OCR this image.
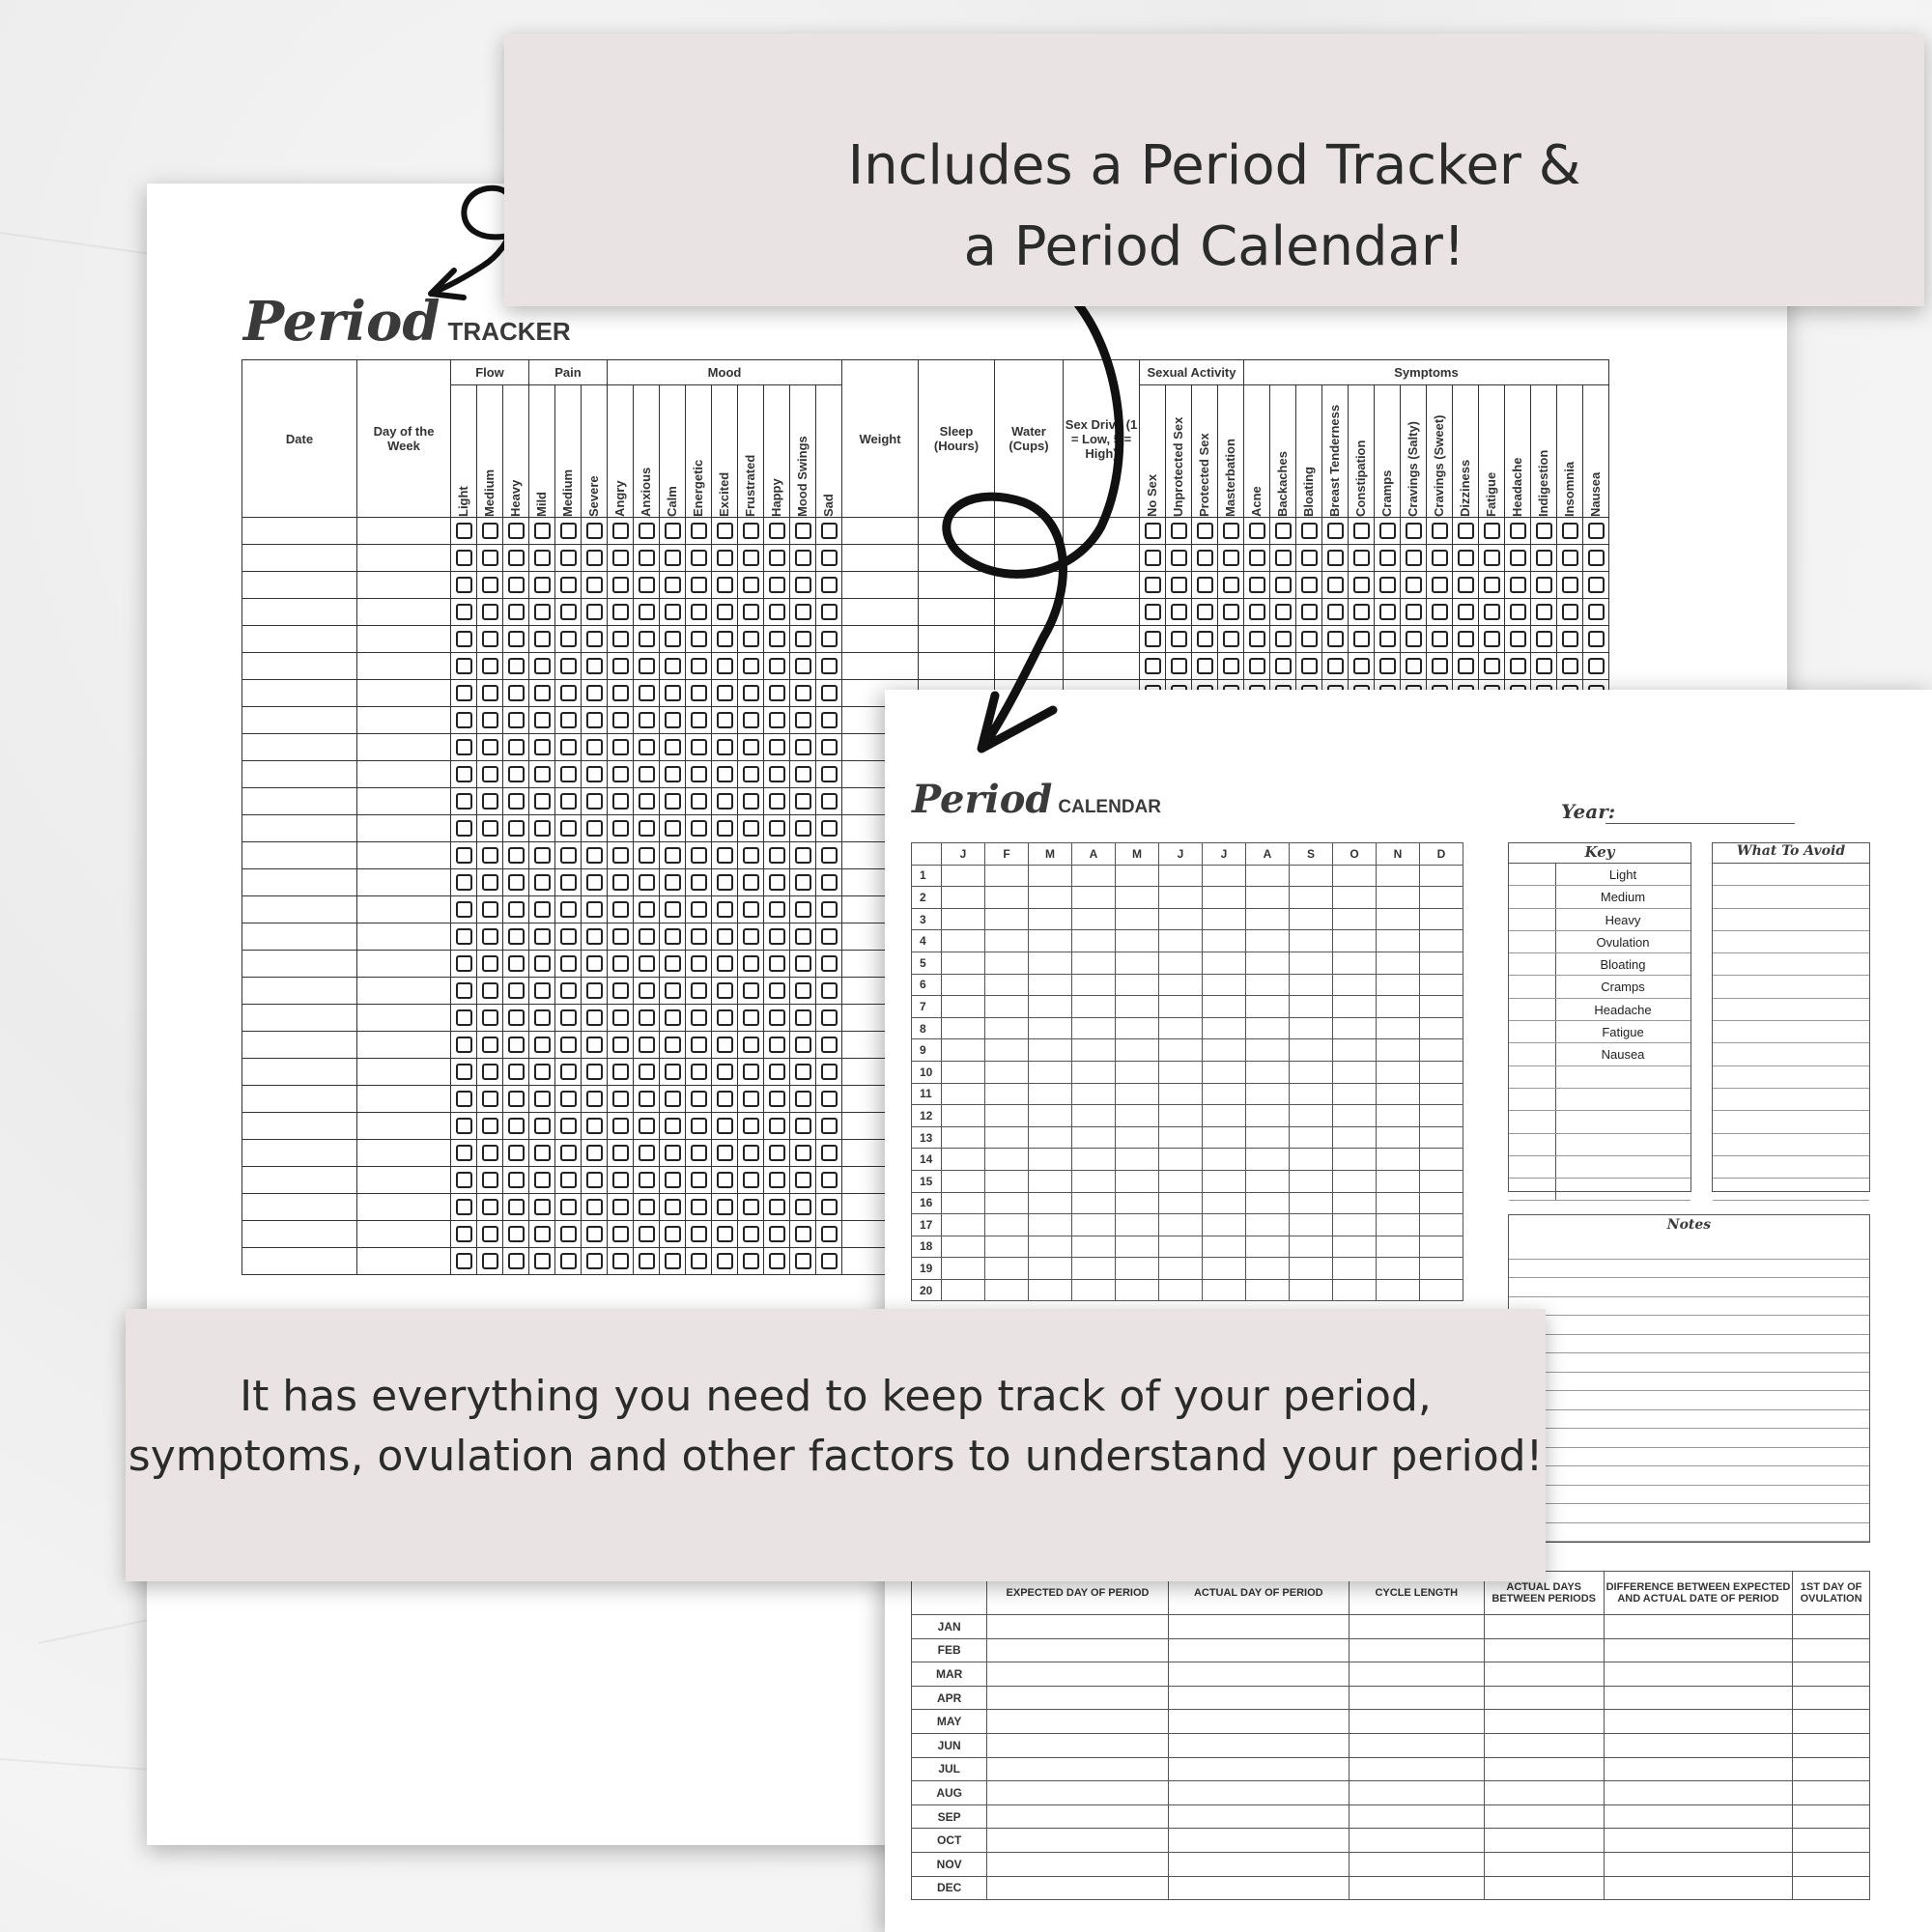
Period TRACKER
Date	Day of the Week	Flow			Pain			Mood									Weight	Sleep (Hours)	Water (Cups)	Sex Drive (1 = Low, 5 = High)	Sexual Activity				Symptoms													

		Light	Medium	Heavy	Mild	Medium	Severe	Angry	Anxious	Calm	Energetic	Excited	Frustrated	Happy	Mood Swings	Sad					No Sex	Unprotected Sex	Protected Sex	Masterbation	Acne	Backaches	Bloating	Breast Tenderness	Constipation	Cramps	Cravings (Salty)	Cravings (Sweet)	Dizziness	Fatigue	Headache	Indigestion	Insomnia	Nausea

Period CALENDAR	Year:
	J	F	M	A	M	J	J	A	S	O	N	D
1												
2												
3												
4												
5												
6												
7												
8												
9												
10												
11												
12												
13												
14												
15												
16												
17												
18												
19												
20												
Key
Light
Medium
Heavy
Ovulation
Bloating
Cramps
Headache
Fatigue
Nausea
What To Avoid
Notes
	EXPECTED DAY OF PERIOD	ACTUAL DAY OF PERIOD	CYCLE LENGTH	ACTUAL DAYS BETWEEN PERIODS	DIFFERENCE BETWEEN EXPECTED AND ACTUAL DATE OF PERIOD	1ST DAY OF OVULATION
JAN						
FEB						
MAR						
APR						
MAY						
JUN						
JUL						
AUG						
SEP						
OCT						
NOV						
DEC						
Includes a Period Tracker &
a Period Calendar!
It has everything you need to keep track of your period,
symptoms, ovulation and other factors to understand your period!
